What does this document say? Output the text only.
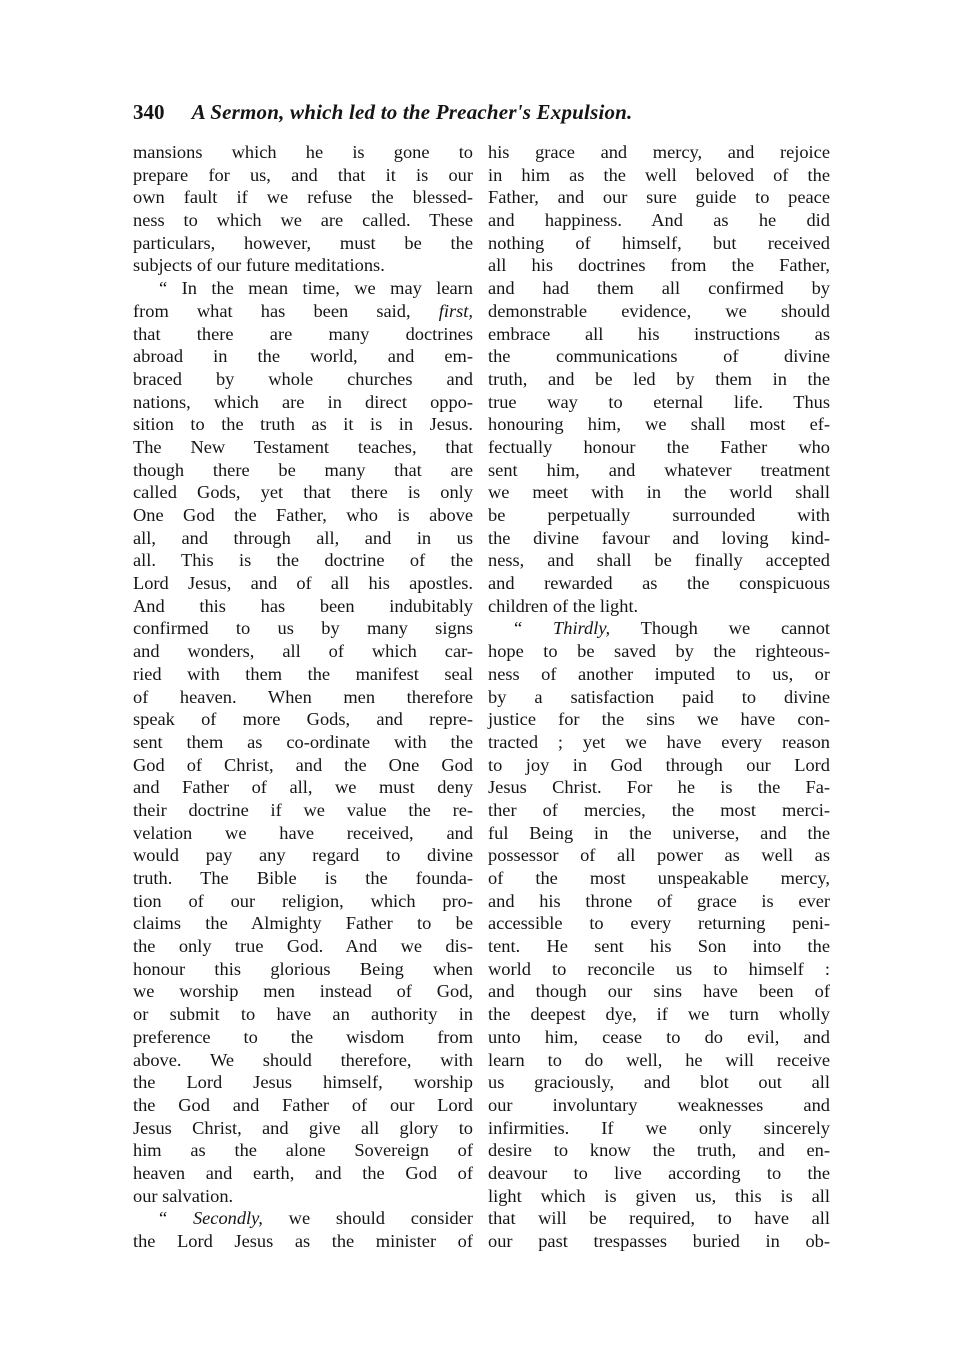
340 A Sermon, which led to the Preacher's Expulsion.
mansions which he is gone to
prepare for us, and that it is our
own fault if we refuse the blessed-
ness to which we are called. These
particulars, however, must be the
subjects of our future meditations.
“ In the mean time, we may learn
from what has been said, first,
that there are many doctrines
abroad in the world, and em-
braced by whole churches and
nations, which are in direct oppo-
sition to the truth as it is in Jesus.
The New Testament teaches, that
though there be many that are
called Gods, yet that there is only
One God the Father, who is above
all, and through all, and in us
all. This is the doctrine of the
Lord Jesus, and of all his apostles.
And this has been indubitably
confirmed to us by many signs
and wonders, all of which car-
ried with them the manifest seal
of heaven. When men therefore
speak of more Gods, and repre-
sent them as co-ordinate with the
God of Christ, and the One God
and Father of all, we must deny
their doctrine if we value the re-
velation we have received, and
would pay any regard to divine
truth. The Bible is the founda-
tion of our religion, which pro-
claims the Almighty Father to be
the only true God. And we dis-
honour this glorious Being when
we worship men instead of God,
or submit to have an authority in
preference to the wisdom from
above. We should therefore, with
the Lord Jesus himself, worship
the God and Father of our Lord
Jesus Christ, and give all glory to
him as the alone Sovereign of
heaven and earth, and the God of
our salvation.
“ Secondly, we should consider
the Lord Jesus as the minister of
his grace and mercy, and rejoice
in him as the well beloved of the
Father, and our sure guide to peace
and happiness. And as he did
nothing of himself, but received
all his doctrines from the Father,
and had them all confirmed by
demonstrable evidence, we should
embrace all his instructions as
the communications of divine
truth, and be led by them in the
true way to eternal life. Thus
honouring him, we shall most ef-
fectually honour the Father who
sent him, and whatever treatment
we meet with in the world shall
be perpetually surrounded with
the divine favour and loving kind-
ness, and shall be finally accepted
and rewarded as the conspicuous
children of the light.
“ Thirdly, Though we cannot
hope to be saved by the righteous-
ness of another imputed to us, or
by a satisfaction paid to divine
justice for the sins we have con-
tracted ; yet we have every reason
to joy in God through our Lord
Jesus Christ. For he is the Fa-
ther of mercies, the most merci-
ful Being in the universe, and the
possessor of all power as well as
of the most unspeakable mercy,
and his throne of grace is ever
accessible to every returning peni-
tent. He sent his Son into the
world to reconcile us to himself :
and though our sins have been of
the deepest dye, if we turn wholly
unto him, cease to do evil, and
learn to do well, he will receive
us graciously, and blot out all
our involuntary weaknesses and
infirmities. If we only sincerely
desire to know the truth, and en-
deavour to live according to the
light which is given us, this is all
that will be required, to have all
our past trespasses buried in ob-
